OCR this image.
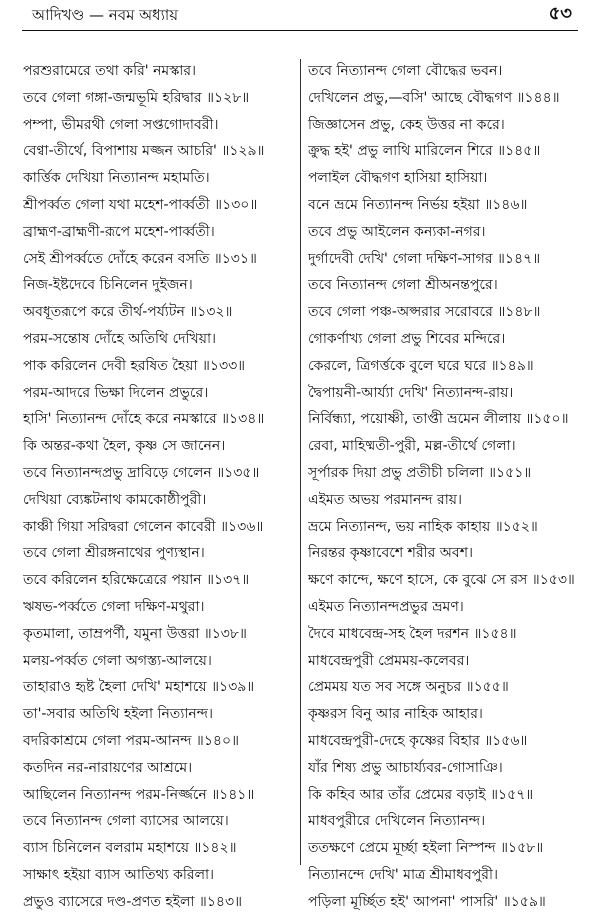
আদিখণ্ড — নবম অধ্যায়	৫৩
পরশুরামেরে তথা করি' নমস্কার।
তবে গেলা গঙ্গা-জন্মভূমি হরিদ্বার ॥১২৮॥
পম্পা, ভীমরথী গেলা সপ্তগোদাবরী।
বেণ্বা-তীর্থে, বিপাশায় মজ্জন আচরি' ॥১২৯॥
কার্ত্তিক দেখিয়া নিত্যানন্দ মহামতি।
শ্রীপর্ব্বত গেলা যথা মহেশ-পার্ব্বতী ॥১৩০॥
ব্রাহ্মণ-ব্রাহ্মণী-রূপে মহেশ-পার্ব্বতী।
সেই শ্রীপর্ব্বতে দোঁহে করেন বসতি ॥১৩১॥
নিজ-ইষ্টদেবে চিনিলেন দুইজন।
অবধূতরূপে করে তীর্থ-পর্য্যটন ॥১৩২॥
পরম-সন্তোষ দোঁহে অতিথি দেখিয়া।
পাক করিলেন দেবী হরষিত হৈয়া ॥১৩৩॥
পরম-আদরে ভিক্ষা দিলেন প্রভুরে।
হাসি' নিত্যানন্দ দোঁহে করে নমস্কারে ॥১৩৪॥
কি অন্তর-কথা হৈল, কৃষ্ণ সে জানেন।
তবে নিত্যানন্দপ্রভু দ্রাবিড়ে গেলেন ॥১৩৫॥
দেখিয়া ব্যেঙ্কটনাথ কামকোষ্ঠীপুরী।
কাঞ্চী গিয়া সরিদ্বরা গেলেন কাবেরী ॥১৩৬॥
তবে গেলা শ্রীরঙ্গনাথের পুণ্যস্থান।
তবে করিলেন হরিক্ষেত্রেরে পয়ান ॥১৩৭॥
ঋষভ-পর্ব্বতে গেলা দক্ষিণ-মথুরা।
কৃতমালা, তাম্রপর্ণী, যমুনা উত্তরা ॥১৩৮॥
মলয়-পর্ব্বত গেলা অগস্ত্য-আলয়ে।
তাহারাও হৃষ্ট হৈলা দেখি' মহাশয়ে ॥১৩৯॥
তা'-সবার অতিথি হইলা নিত্যানন্দ।
বদরিকাশ্রমে গেলা পরম-আনন্দ ॥১৪০॥
কতদিন নর-নারায়ণের আশ্রমে।
আছিলেন নিত্যানন্দ পরম-নির্জ্জনে ॥১৪১॥
তবে নিত্যানন্দ গেলা ব্যাসের আলয়ে।
ব্যাস চিনিলেন বলরাম মহাশয়ে ॥১৪২॥
সাক্ষাৎ হইয়া ব্যাস আতিথ্য করিলা।
প্রভুও ব্যাসেরে দণ্ড-প্রণত হইলা ॥১৪৩॥
তবে নিত্যানন্দ গেলা বৌদ্ধের ভবন।
দেখিলেন প্রভু,—বসি' আছে বৌদ্ধগণ ॥১৪৪॥
জিজ্ঞাসেন প্রভু, কেহ উত্তর না করে।
ক্রুদ্ধ হই' প্রভু লাথি মারিলেন শিরে ॥১৪৫॥
পলাইল বৌদ্ধগণ হাসিয়া হাসিয়া।
বনে ভ্রমে নিত্যানন্দ নির্ভয় হইয়া ॥১৪৬॥
তবে প্রভু আইলেন কন্যকা-নগর।
দুর্গাদেবী দেখি' গেলা দক্ষিণ-সাগর ॥১৪৭॥
তবে নিত্যানন্দ গেলা শ্রীঅনন্তপুরে।
তবে গেলা পঞ্চ-অপ্সরার সরোবরে ॥১৪৮॥
গোকর্ণাখ্য গেলা প্রভু শিবের মন্দিরে।
কেরলে, ত্রিগর্ত্তকে বুলে ঘরে ঘরে ॥১৪৯॥
দ্বৈপায়নী-আর্য্যা দেখি' নিত্যানন্দ-রায়।
নির্বিন্ধ্যা, পয়োষ্ণী, তাপ্তী ভ্রমেন লীলায় ॥১৫০॥
রেবা, মাহিষ্মতী-পুরী, মল্ল-তীর্থে গেলা।
সূর্পারক দিয়া প্রভু প্রতীচী চলিলা ॥১৫১॥
এইমত অভয় পরমানন্দ রায়।
ভ্রমে নিত্যানন্দ, ভয় নাহিক কাহায় ॥১৫২॥
নিরন্তর কৃষ্ণাবেশে শরীর অবশ।
ক্ষণে কান্দে, ক্ষণে হাসে, কে বুঝে সে রস ॥১৫৩॥
এইমত নিত্যানন্দপ্রভুর ভ্রমণ।
দৈবে মাধবেন্দ্র-সহ হৈল দরশন ॥১৫৪॥
মাধবেন্দ্রপুরী প্রেমময়-কলেবর।
প্রেমময় যত সব সঙ্গে অনুচর ॥১৫৫॥
কৃষ্ণরস বিনু আর নাহিক আহার।
মাধবেন্দ্রপুরী-দেহে কৃষ্ণের বিহার ॥১৫৬॥
যাঁর শিষ্য প্রভু আচার্য্যবর-গোসাঞি।
কি কহিব আর তাঁর প্রেমের বড়াই ॥১৫৭॥
মাধবপুরীরে দেখিলেন নিত্যানন্দ।
ততক্ষণে প্রেমে মূর্চ্ছা হইলা নিস্পন্দ ॥১৫৮॥
নিত্যানন্দে দেখি' মাত্র শ্রীমাধবপুরী।
পড়িলা মূর্চ্ছিত হই' আপনা' পাসরি' ॥১৫৯॥
